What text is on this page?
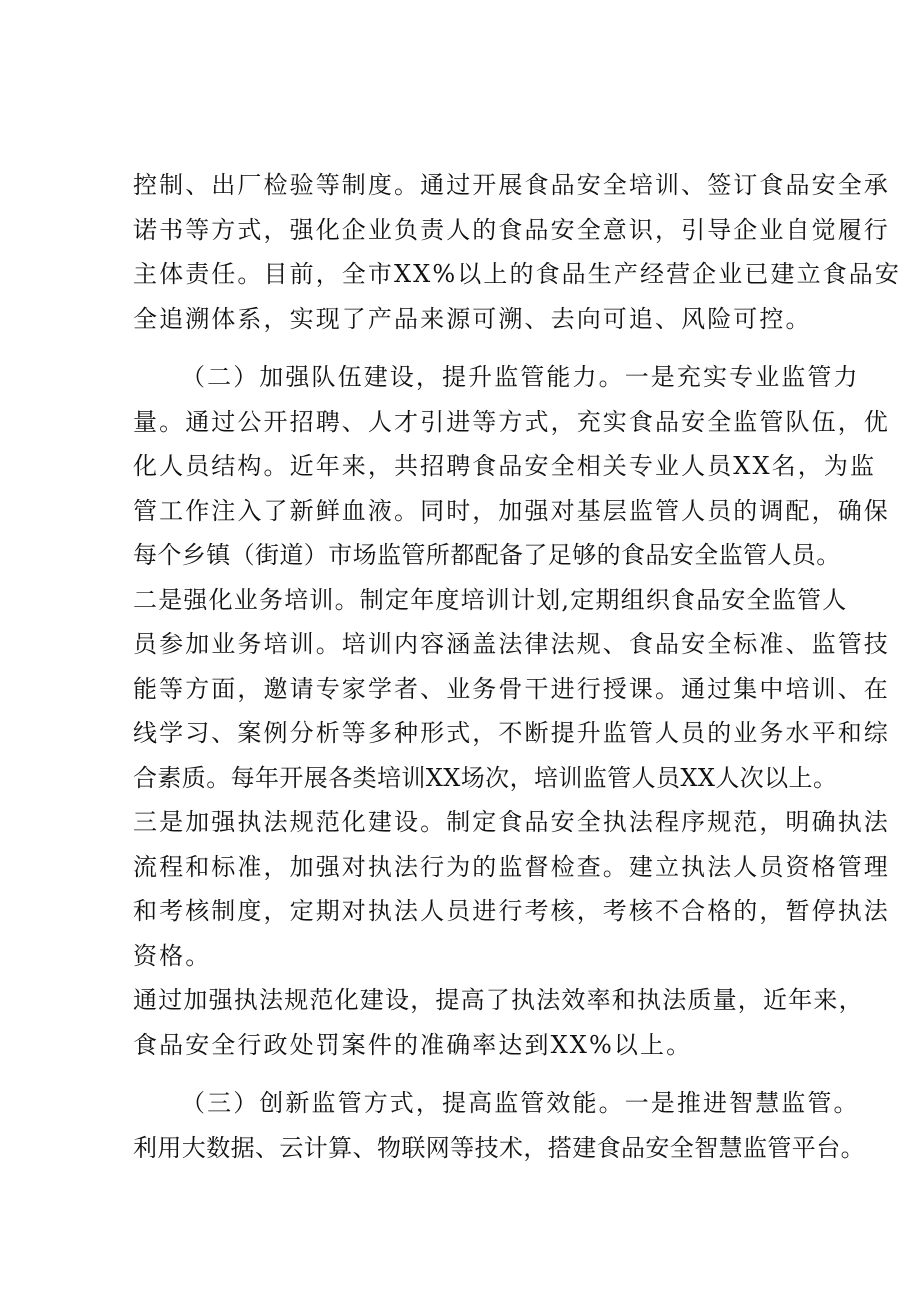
控制、出厂检验等制度。通过开展食品安全培训、签订食品安全承
诺书等方式，强化企业负责人的食品安全意识，引导企业自觉履行
主体责任。目前，全市XX%以上的食品生产经营企业已建立食品安
全追溯体系，实现了产品来源可溯、去向可追、风险可控。
（二）加强队伍建设，提升监管能力。一是充实专业监管力
量。通过公开招聘、人才引进等方式，充实食品安全监管队伍，优
化人员结构。近年来，共招聘食品安全相关专业人员XX名，为监
管工作注入了新鲜血液。同时，加强对基层监管人员的调配，确保
每个乡镇（街道）市场监管所都配备了足够的食品安全监管人员。
二是强化业务培训。制定年度培训计划,定期组织食品安全监管人
员参加业务培训。培训内容涵盖法律法规、食品安全标准、监管技
能等方面，邀请专家学者、业务骨干进行授课。通过集中培训、在
线学习、案例分析等多种形式，不断提升监管人员的业务水平和综
合素质。每年开展各类培训XX场次，培训监管人员XX人次以上。
三是加强执法规范化建设。制定食品安全执法程序规范，明确执法
流程和标准，加强对执法行为的监督检查。建立执法人员资格管理
和考核制度，定期对执法人员进行考核，考核不合格的，暂停执法
资格。
通过加强执法规范化建设，提高了执法效率和执法质量，近年来，
食品安全行政处罚案件的准确率达到XX%以上。
（三）创新监管方式，提高监管效能。一是推进智慧监管。
利用大数据、云计算、物联网等技术，搭建食品安全智慧监管平台。
